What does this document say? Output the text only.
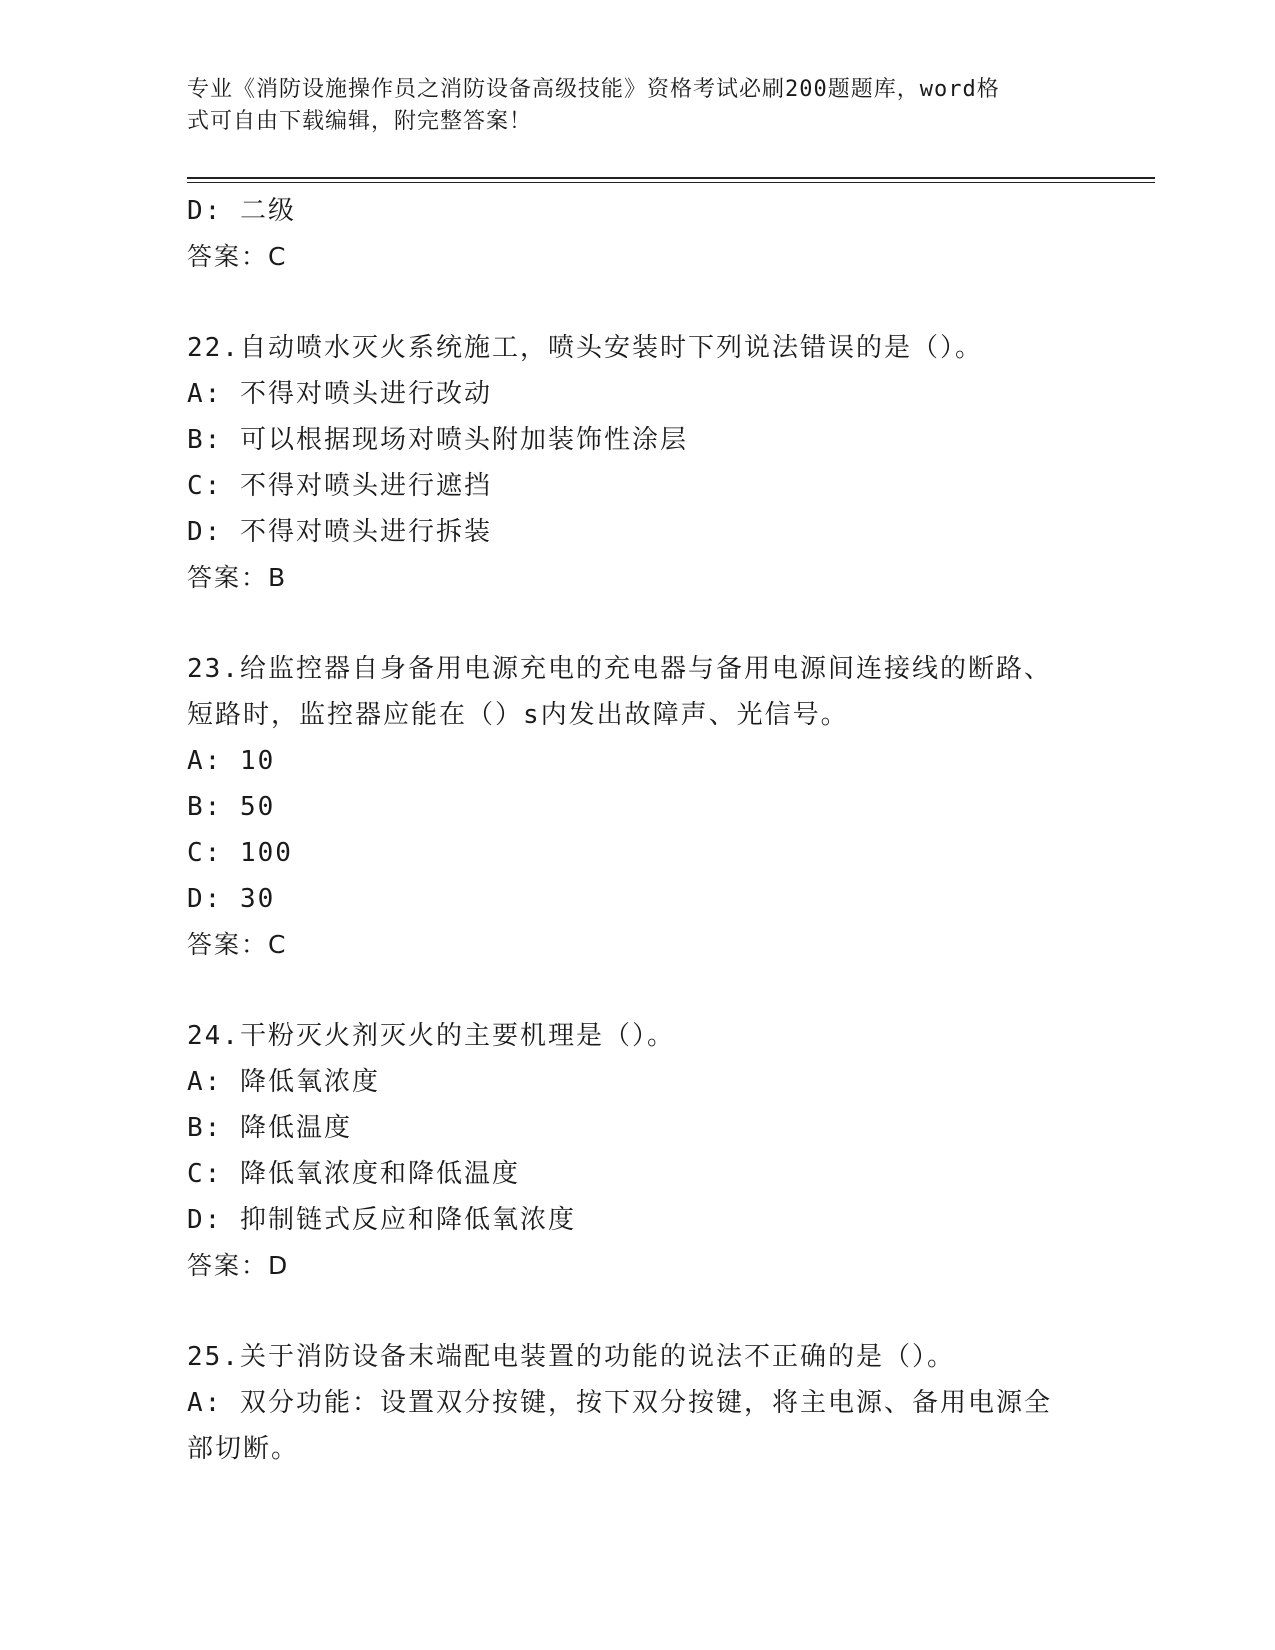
专业《消防设施操作员之消防设备高级技能》资格考试必刷200题题库，word格
式可自由下载编辑，附完整答案！
D: 二级
答案：C
22.自动喷水灭火系统施工，喷头安装时下列说法错误的是（）。
A: 不得对喷头进行改动
B: 可以根据现场对喷头附加装饰性涂层
C: 不得对喷头进行遮挡
D: 不得对喷头进行拆装
答案：B
23.给监控器自身备用电源充电的充电器与备用电源间连接线的断路、
短路时，监控器应能在（）s内发出故障声、光信号。
A: 10
B: 50
C: 100
D: 30
答案：C
24.干粉灭火剂灭火的主要机理是（）。
A: 降低氧浓度
B: 降低温度
C: 降低氧浓度和降低温度
D: 抑制链式反应和降低氧浓度
答案：D
25.关于消防设备末端配电装置的功能的说法不正确的是（）。
A: 双分功能：设置双分按键，按下双分按键，将主电源、备用电源全
部切断。
